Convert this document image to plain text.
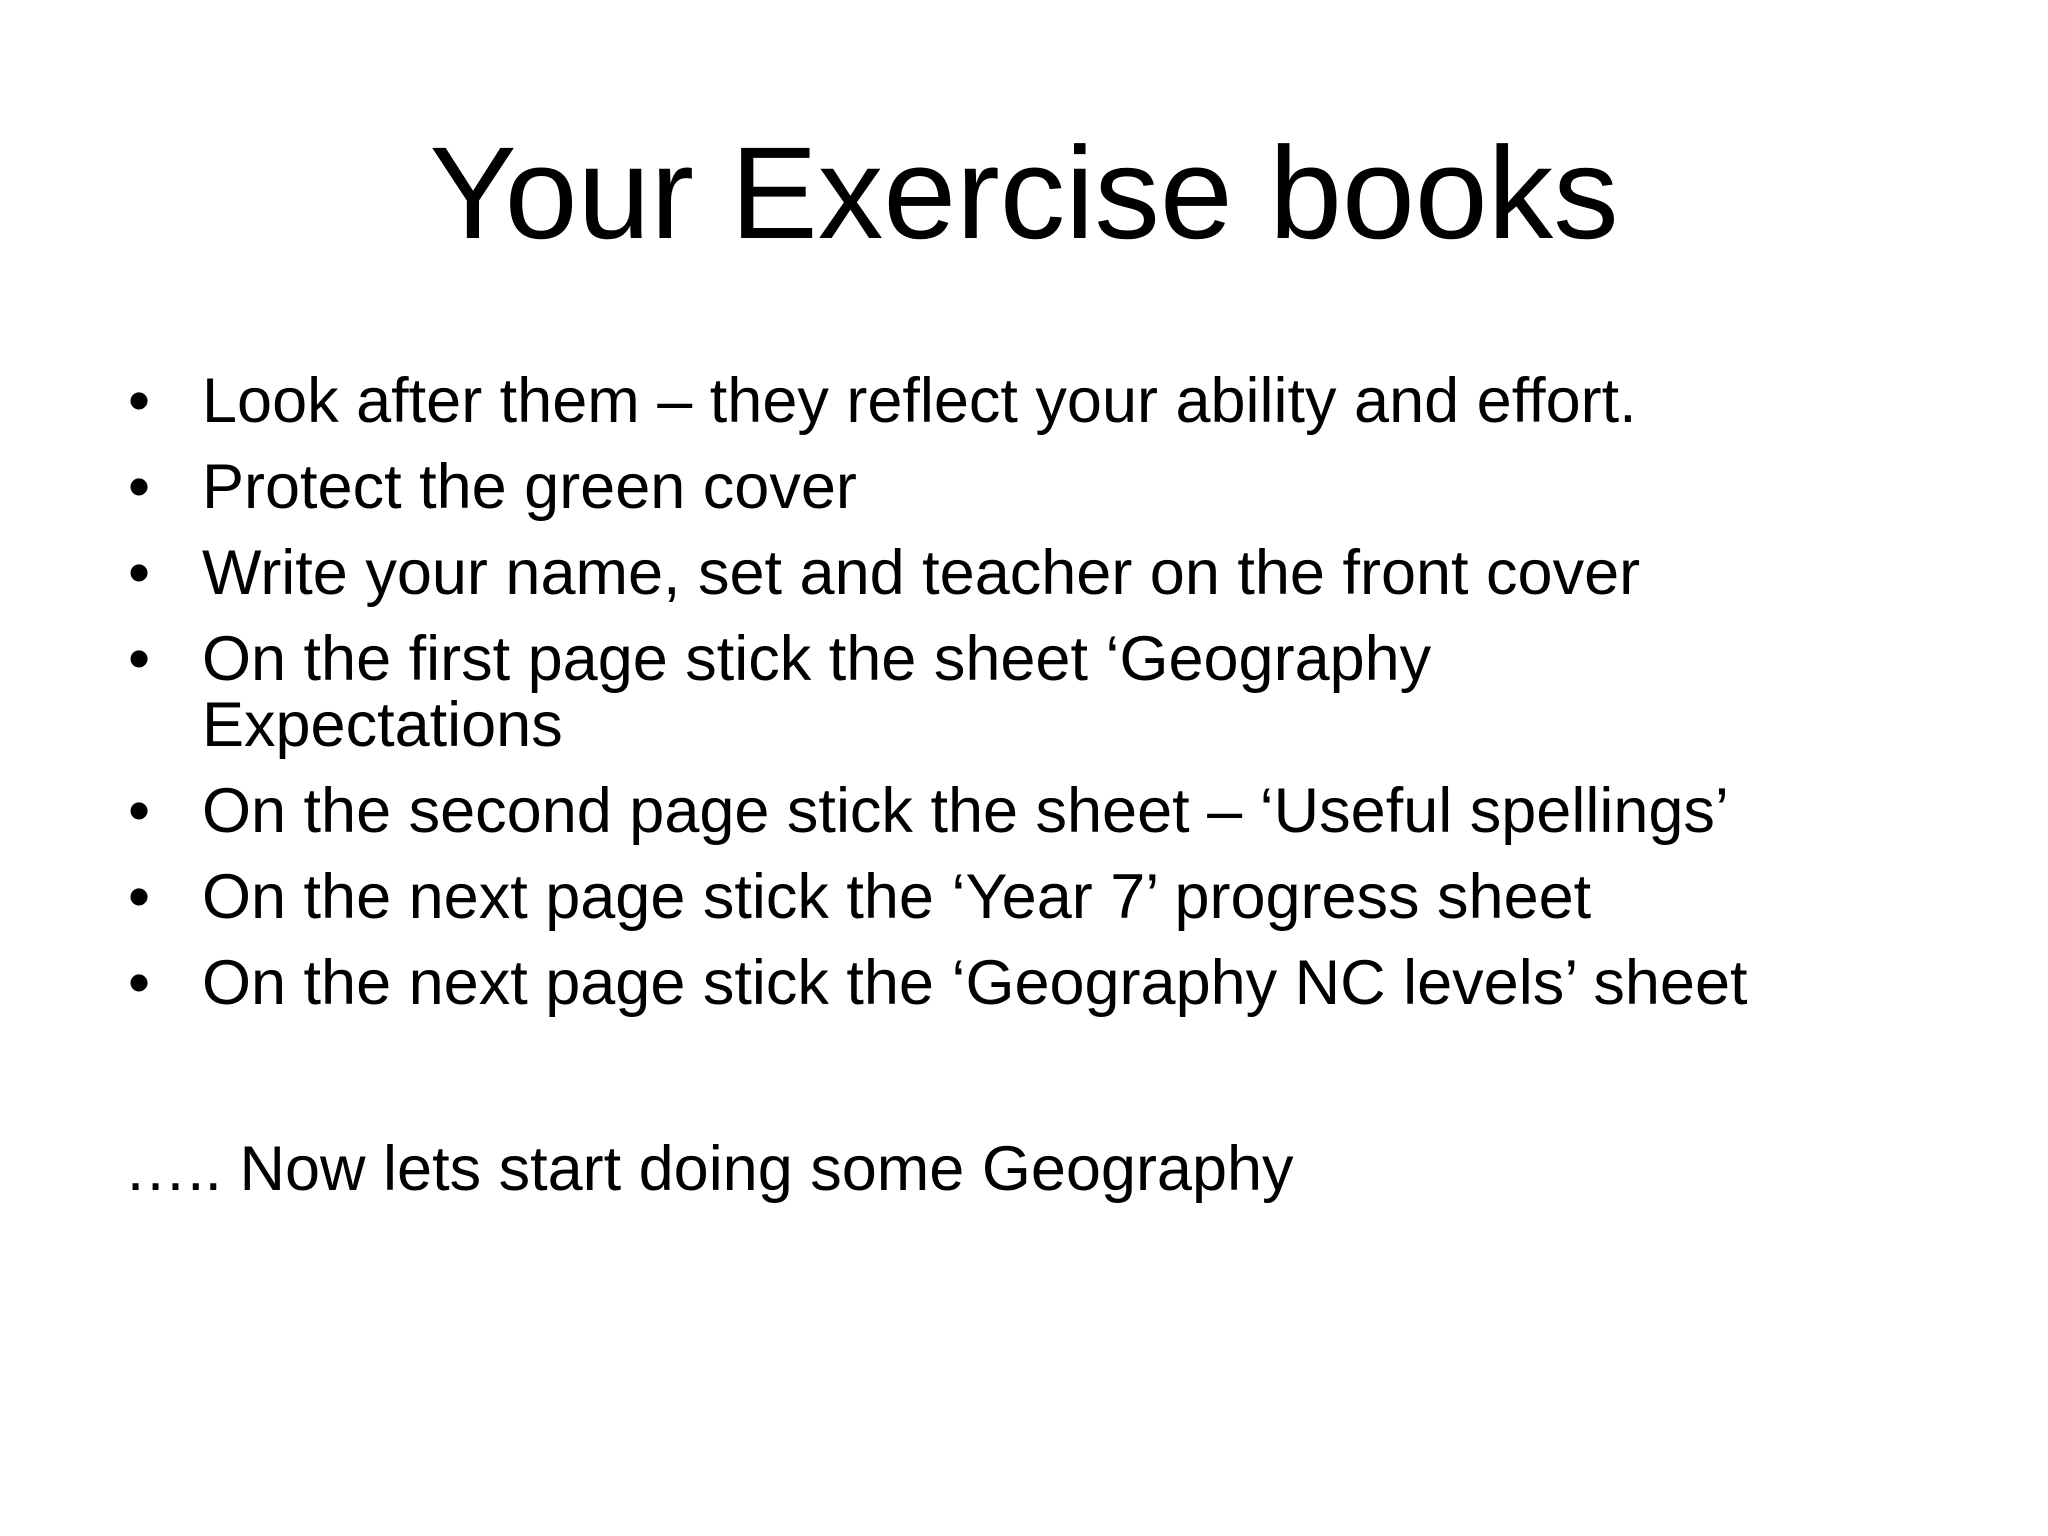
Your Exercise books
• Look after them – they reflect your ability and effort.
• Protect the green cover
• Write your name, set and teacher on the front cover
• On the first page stick the sheet ‘Geography Expectations
• On the second page stick the sheet – ‘Useful spellings’
• On the next page stick the ‘Year 7’ progress sheet
• On the next page stick the ‘Geography NC levels’ sheet

….. Now lets start doing some Geography
